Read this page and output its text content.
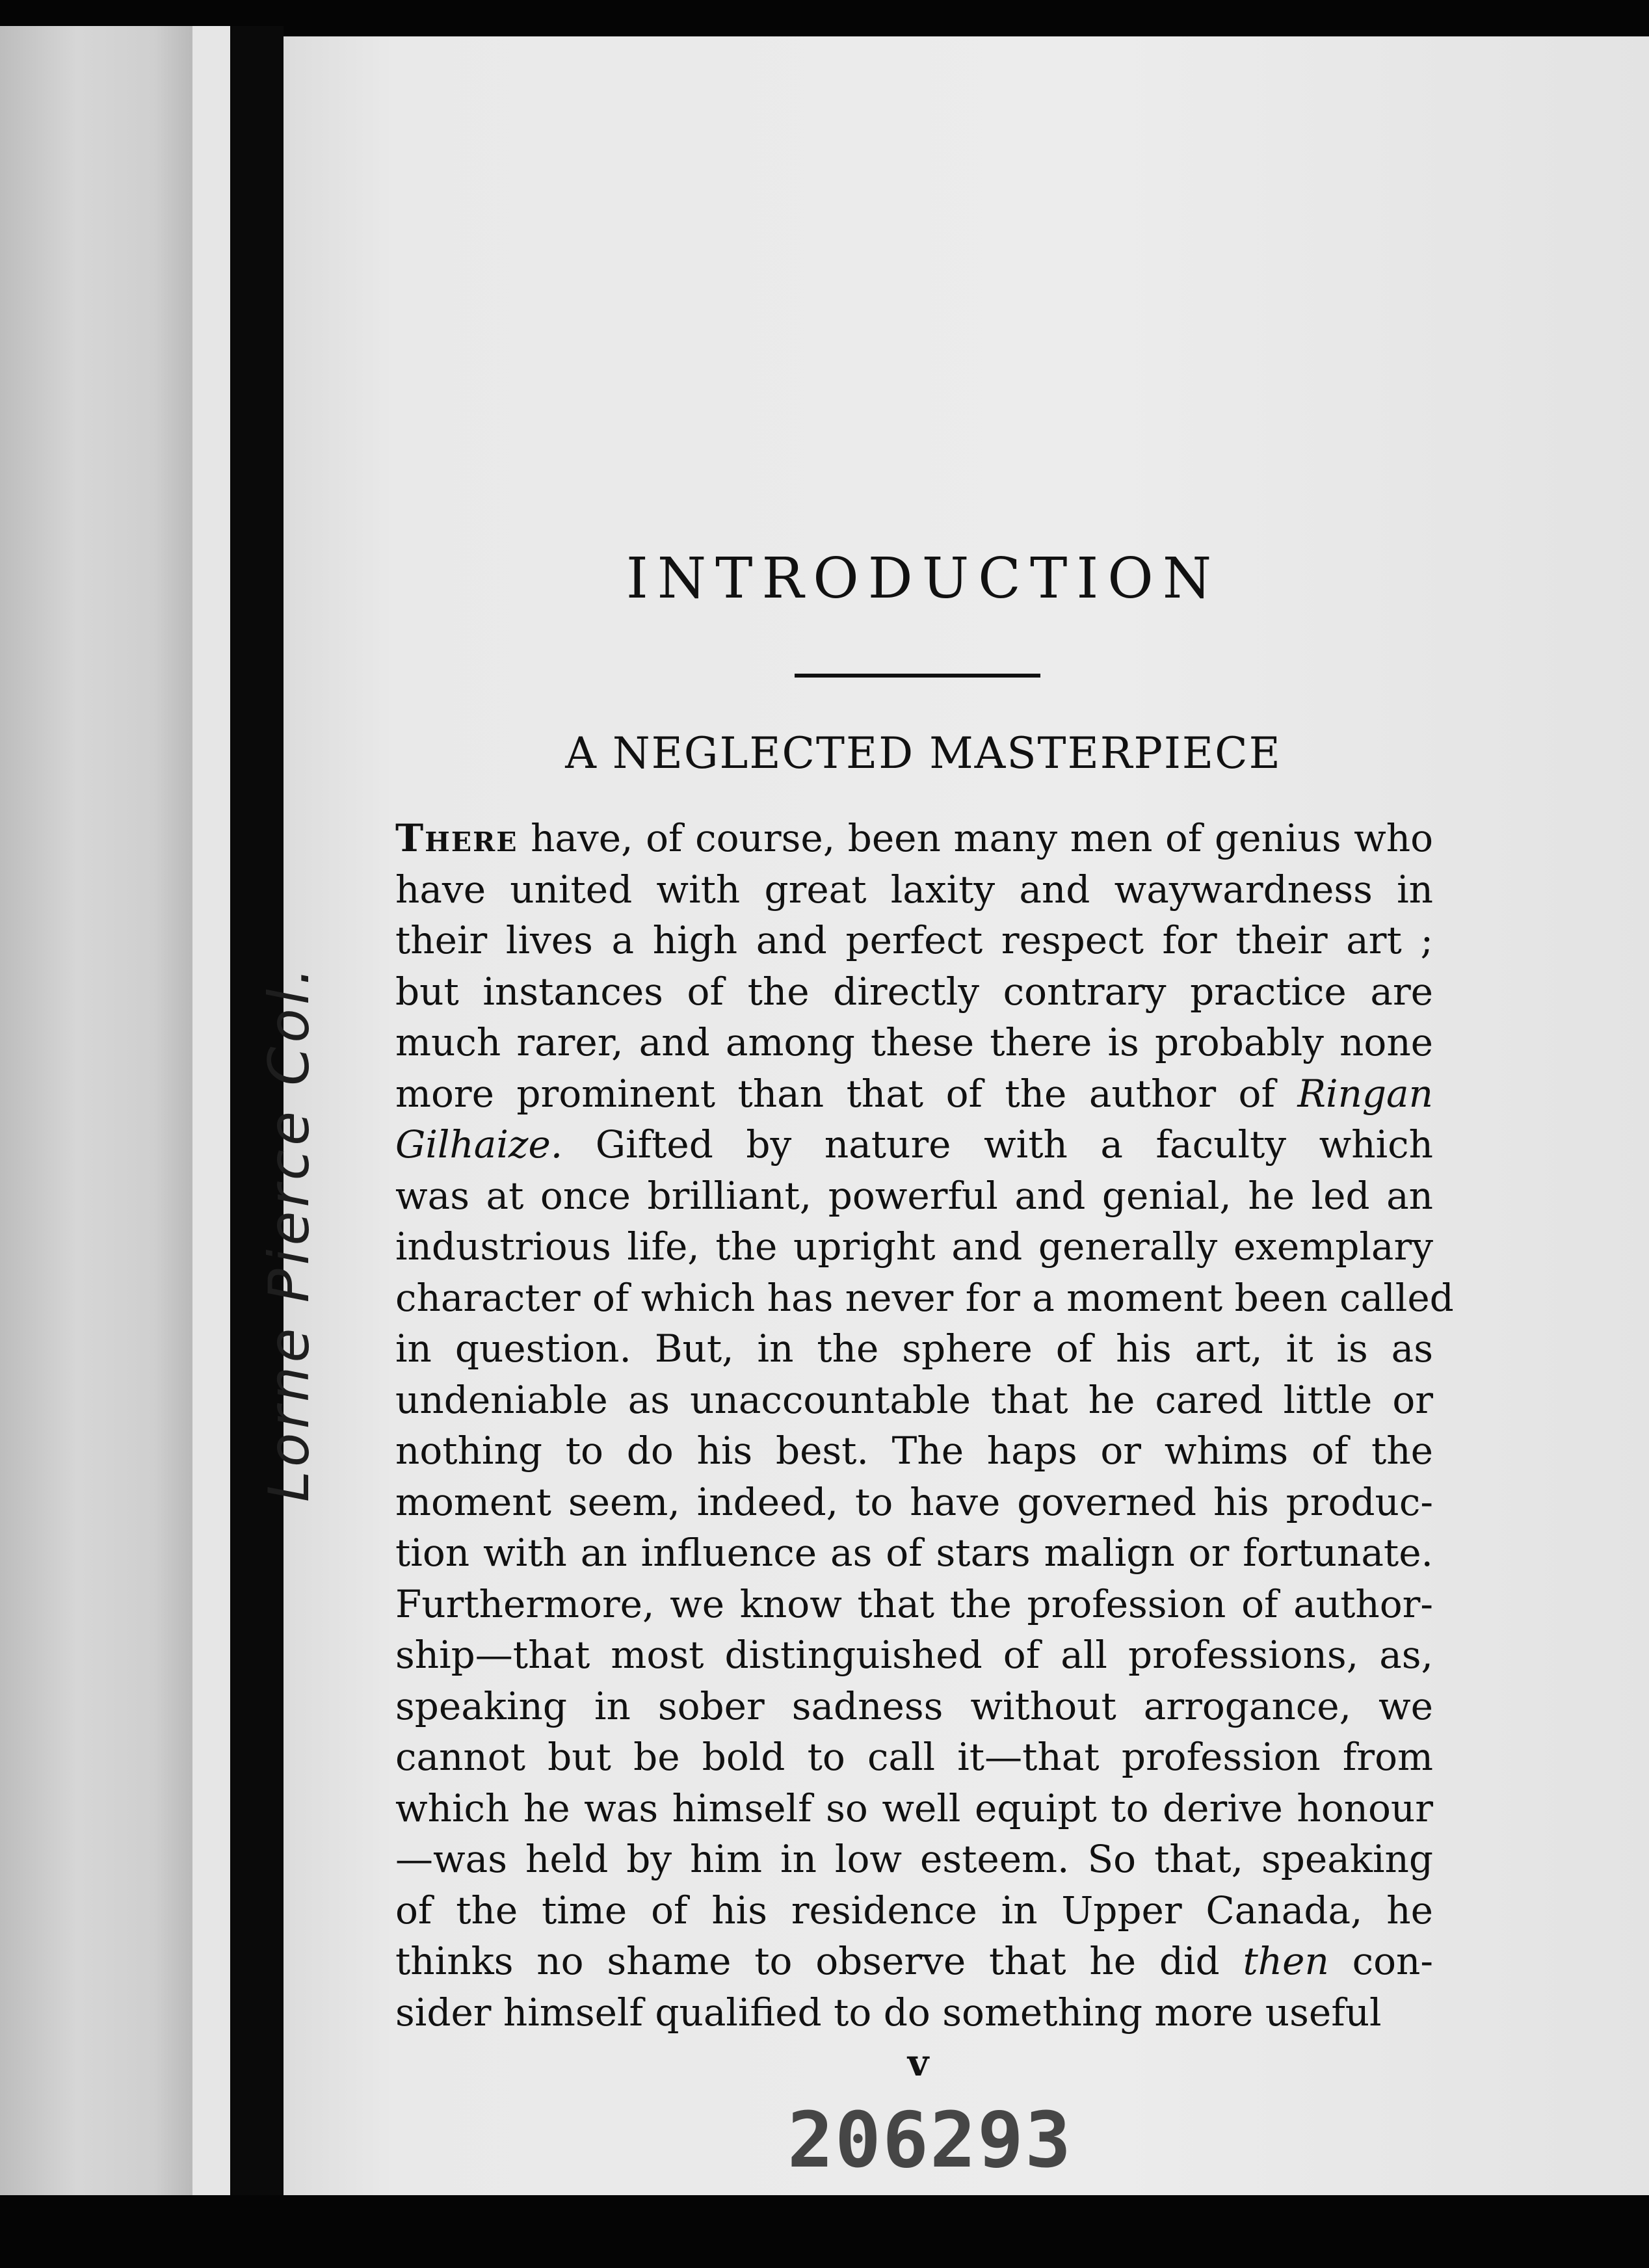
Lorne Pierce Col.
INTRODUCTION
A NEGLECTED MASTERPIECE
There have, of course, been many men of genius who
have united with great laxity and waywardness in
their lives a high and perfect respect for their art ;
but instances of the directly contrary practice are
much rarer, and among these there is probably none
more prominent than that of the author of Ringan
Gilhaize. Gifted by nature with a faculty which
was at once brilliant, powerful and genial, he led an
industrious life, the upright and generally exemplary
character of which has never for a moment been called
in question. But, in the sphere of his art, it is as
undeniable as unaccountable that he cared little or
nothing to do his best. The haps or whims of the
moment seem, indeed, to have governed his produc-
tion with an influence as of stars malign or fortunate.
Furthermore, we know that the profession of author-
ship—that most distinguished of all professions, as,
speaking in sober sadness without arrogance, we
cannot but be bold to call it—that profession from
which he was himself so well equipt to derive honour
—was held by him in low esteem. So that, speaking
of the time of his residence in Upper Canada, he
thinks no shame to observe that he did then con-
sider himself qualified to do something more useful
v
206293
